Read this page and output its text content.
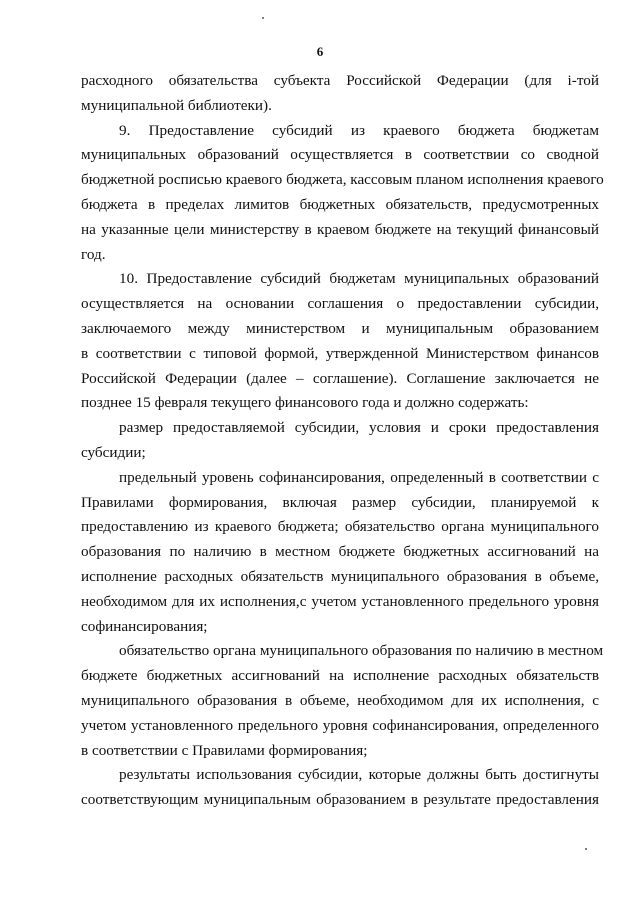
6
расходного обязательства субъекта Российской Федерации (для i-той
муниципальной библиотеки).
9. Предоставление субсидий из краевого бюджета бюджетам
муниципальных образований осуществляется в соответствии со сводной
бюджетной росписью краевого бюджета, кассовым планом исполнения краевого
бюджета в пределах лимитов бюджетных обязательств, предусмотренных
на указанные цели министерству в краевом бюджете на текущий финансовый
год.
10. Предоставление субсидий бюджетам муниципальных образований
осуществляется на основании соглашения о предоставлении субсидии,
заключаемого между министерством и муниципальным образованием
в соответствии с типовой формой, утвержденной Министерством финансов
Российской Федерации (далее – соглашение). Соглашение заключается не
позднее 15 февраля текущего финансового года и должно содержать:
размер предоставляемой субсидии, условия и сроки предоставления
субсидии;
предельный уровень софинансирования, определенный в соответствии с
Правилами формирования, включая размер субсидии, планируемой к
предоставлению из краевого бюджета; обязательство органа муниципального
образования по наличию в местном бюджете бюджетных ассигнований на
исполнение расходных обязательств муниципального образования в объеме,
необходимом для их исполнения,с учетом установленного предельного уровня
софинансирования;
обязательство органа муниципального образования по наличию в местном
бюджете бюджетных ассигнований на исполнение расходных обязательств
муниципального образования в объеме, необходимом для их исполнения, с
учетом установленного предельного уровня софинансирования, определенного
в соответствии с Правилами формирования;
результаты использования субсидии, которые должны быть достигнуты
соответствующим муниципальным образованием в результате предоставления
